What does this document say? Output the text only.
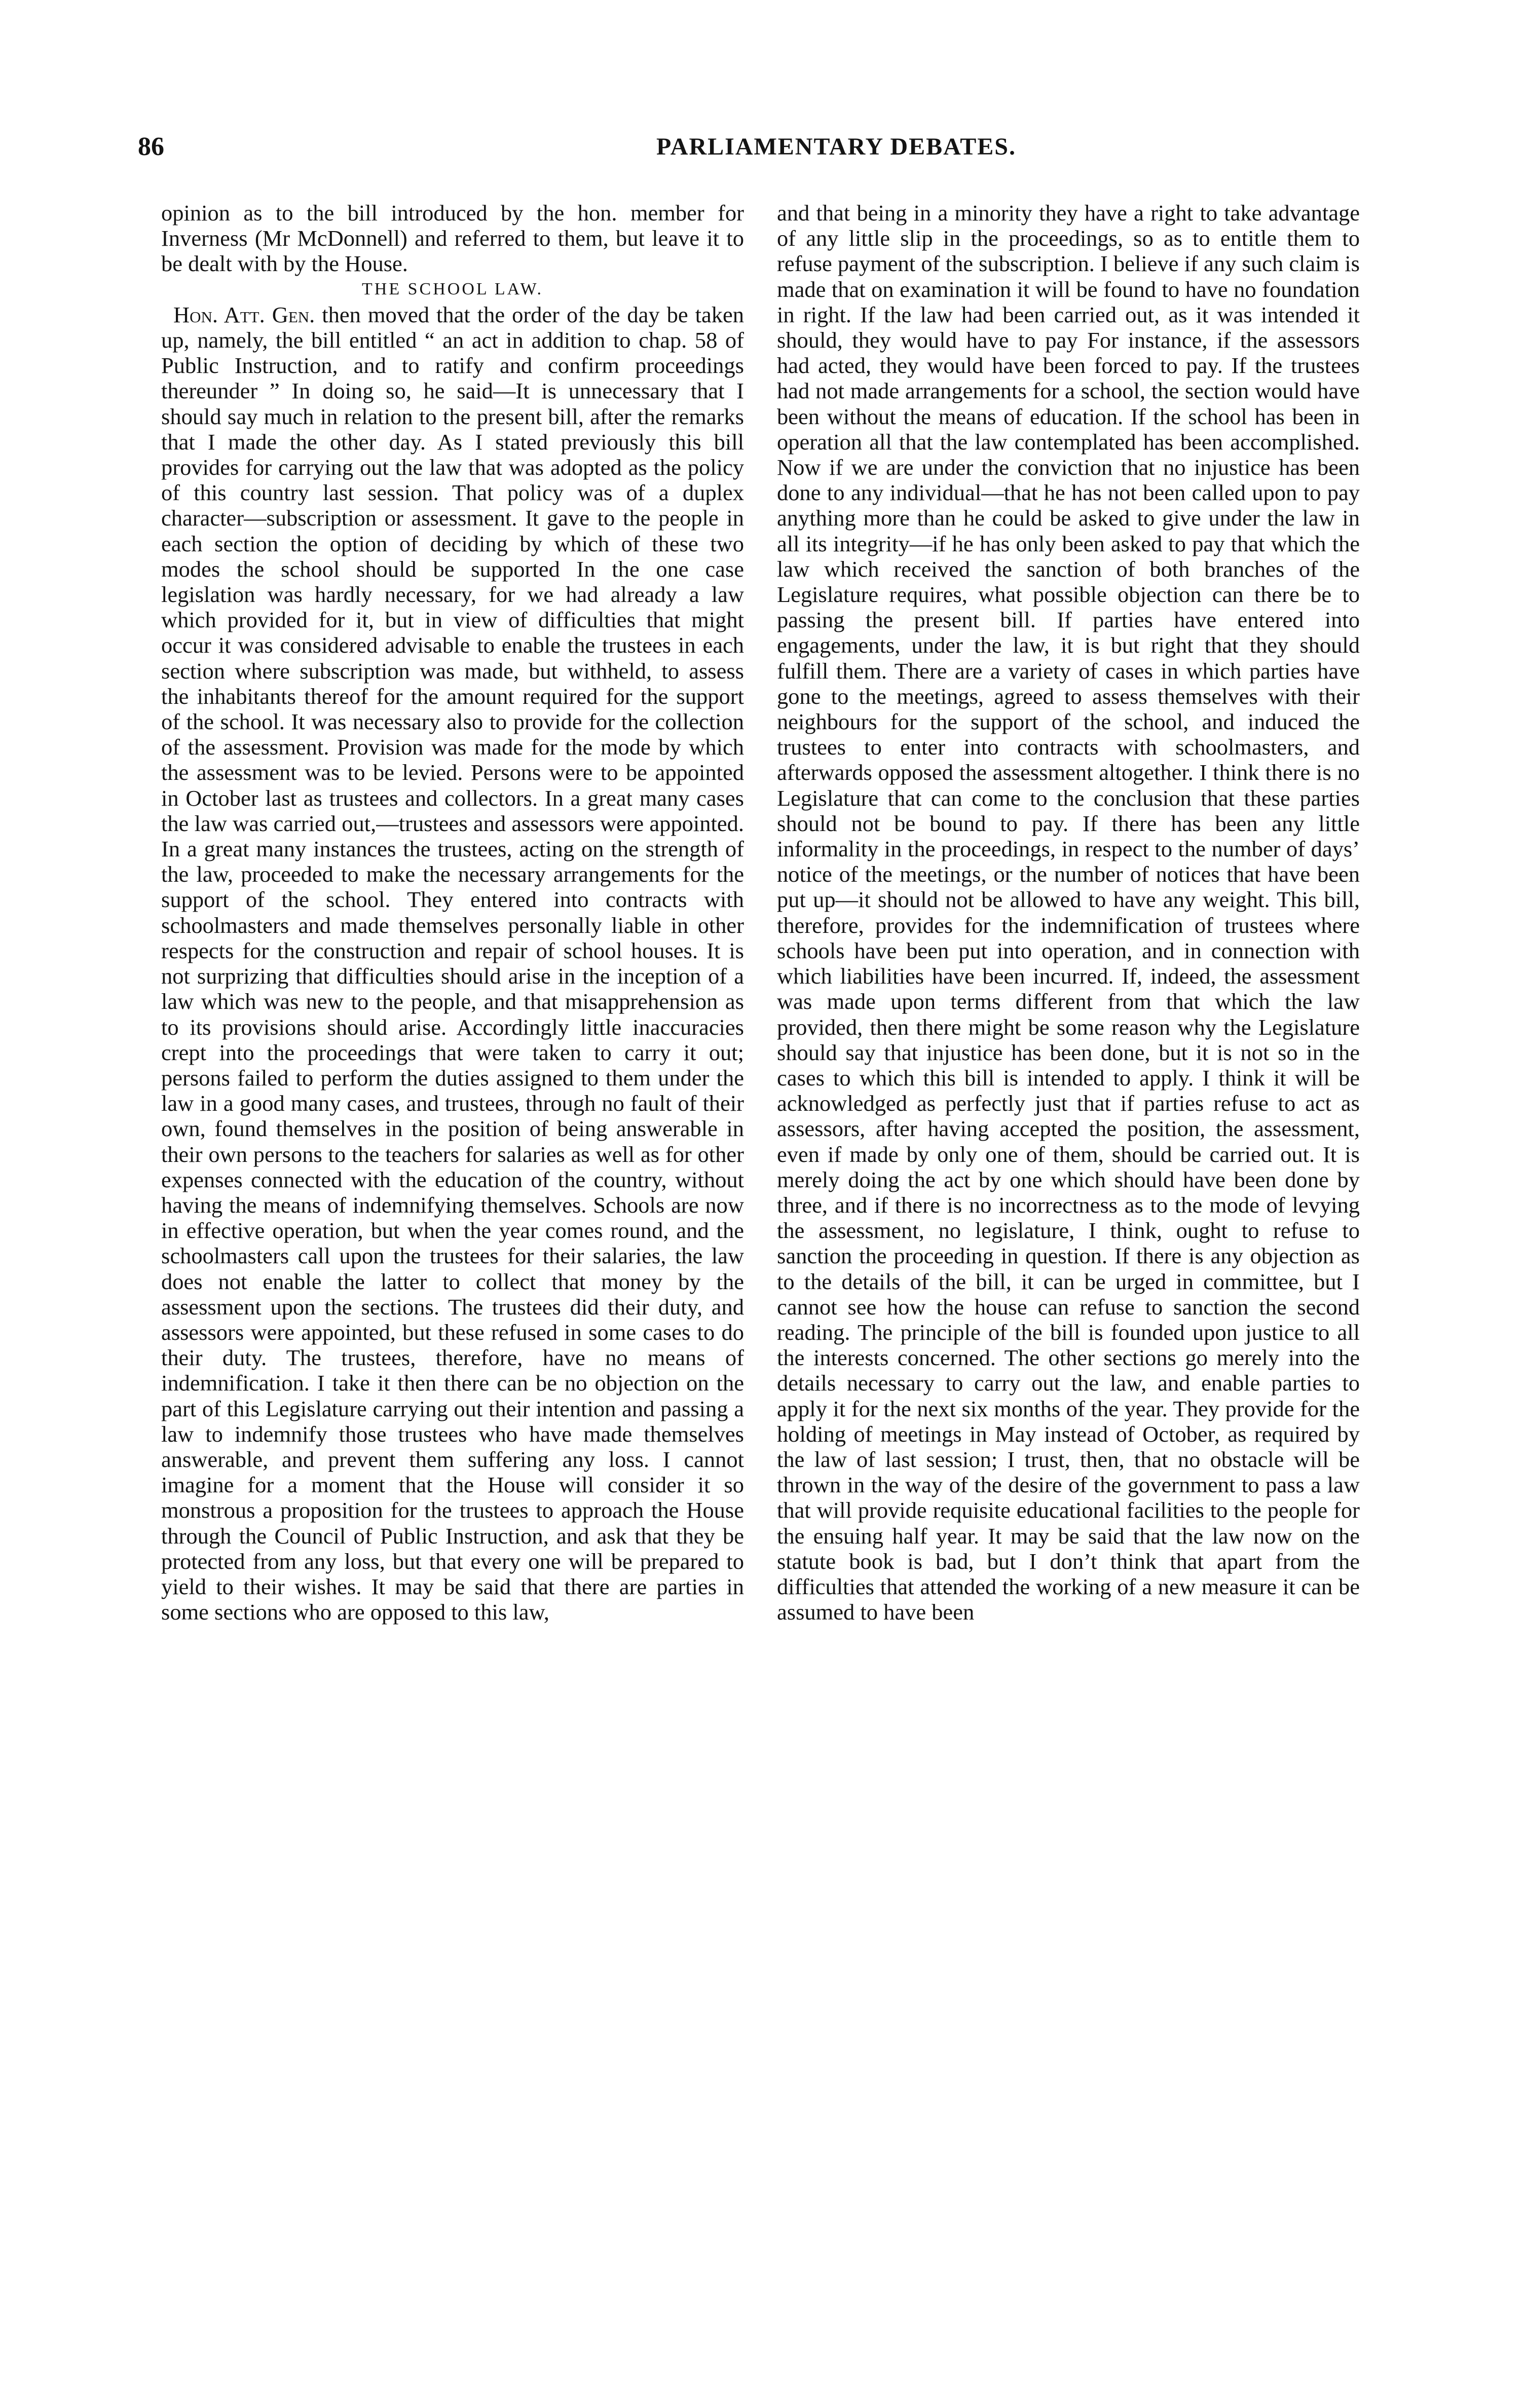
86	PARLIAMENTARY DEBATES.

opinion as to the bill introduced by the hon. member for Inverness (Mr McDonnell) and referred to them, but leave it to be dealt with by the House.

THE SCHOOL LAW.

Hon. Att. Gen. then moved that the order of the day be taken up, namely, the bill entitled “ an act in addition to chap. 58 of Public Instruction, and to ratify and confirm proceedings thereunder ” In doing so, he said—It is unnecessary that I should say much in relation to the present bill, after the remarks that I made the other day. As I stated previously this bill provides for carrying out the law that was adopted as the policy of this country last session. That policy was of a duplex character—subscription or assessment. It gave to the people in each section the option of deciding by which of these two modes the school should be supported In the one case legislation was hardly necessary, for we had already a law which provided for it, but in view of difficulties that might occur it was considered advisable to enable the trustees in each section where subscription was made, but withheld, to assess the inhabitants thereof for the amount required for the support of the school. It was necessary also to provide for the collection of the assessment. Provision was made for the mode by which the assessment was to be levied. Persons were to be appointed in October last as trustees and collectors. In a great many cases the law was carried out,—trustees and assessors were appointed. In a great many instances the trustees, acting on the strength of the law, proceeded to make the necessary arrangements for the support of the school. They entered into contracts with schoolmasters and made themselves personally liable in other respects for the construction and repair of school houses. It is not surprizing that difficulties should arise in the inception of a law which was new to the people, and that misapprehension as to its provisions should arise. Accordingly little inaccuracies crept into the proceedings that were taken to carry it out; persons failed to perform the duties assigned to them under the law in a good many cases, and trustees, through no fault of their own, found themselves in the position of being answerable in their own persons to the teachers for salaries as well as for other expenses connected with the education of the country, without having the means of indemnifying themselves. Schools are now in effective operation, but when the year comes round, and the schoolmasters call upon the trustees for their salaries, the law does not enable the latter to collect that money by the assessment upon the sections. The trustees did their duty, and assessors were appointed, but these refused in some cases to do their duty. The trustees, therefore, have no means of indemnification. I take it then there can be no objection on the part of this Legislature carrying out their intention and passing a law to indemnify those trustees who have made themselves answerable, and prevent them suffering any loss. I cannot imagine for a moment that the House will consider it so monstrous a proposition for the trustees to approach the House through the Council of Public Instruction, and ask that they be protected from any loss, but that every one will be prepared to yield to their wishes. It may be said that there are parties in some sections who are opposed to this law,

and that being in a minority they have a right to take advantage of any little slip in the proceedings, so as to entitle them to refuse payment of the subscription. I believe if any such claim is made that on examination it will be found to have no foundation in right. If the law had been carried out, as it was intended it should, they would have to pay For instance, if the assessors had acted, they would have been forced to pay. If the trustees had not made arrangements for a school, the section would have been without the means of education. If the school has been in operation all that the law contemplated has been accomplished. Now if we are under the conviction that no injustice has been done to any individual—that he has not been called upon to pay anything more than he could be asked to give under the law in all its integrity—if he has only been asked to pay that which the law which received the sanction of both branches of the Legislature requires, what possible objection can there be to passing the present bill. If parties have entered into engagements, under the law, it is but right that they should fulfill them. There are a variety of cases in which parties have gone to the meetings, agreed to assess themselves with their neighbours for the support of the school, and induced the trustees to enter into contracts with schoolmasters, and afterwards opposed the assessment altogether. I think there is no Legislature that can come to the conclusion that these parties should not be bound to pay. If there has been any little informality in the proceedings, in respect to the number of days’ notice of the meetings, or the number of notices that have been put up—it should not be allowed to have any weight. This bill, therefore, provides for the indemnification of trustees where schools have been put into operation, and in connection with which liabilities have been incurred. If, indeed, the assessment was made upon terms different from that which the law provided, then there might be some reason why the Legislature should say that injustice has been done, but it is not so in the cases to which this bill is intended to apply. I think it will be acknowledged as perfectly just that if parties refuse to act as assessors, after having accepted the position, the assessment, even if made by only one of them, should be carried out. It is merely doing the act by one which should have been done by three, and if there is no incorrectness as to the mode of levying the assessment, no legislature, I think, ought to refuse to sanction the proceeding in question. If there is any objection as to the details of the bill, it can be urged in committee, but I cannot see how the house can refuse to sanction the second reading. The principle of the bill is founded upon justice to all the interests concerned. The other sections go merely into the details necessary to carry out the law, and enable parties to apply it for the next six months of the year. They provide for the holding of meetings in May instead of October, as required by the law of last session; I trust, then, that no obstacle will be thrown in the way of the desire of the government to pass a law that will provide requisite educational facilities to the people for the ensuing half year. It may be said that the law now on the statute book is bad, but I don’t think that apart from the difficulties that attended the working of a new measure it can be assumed to have been
